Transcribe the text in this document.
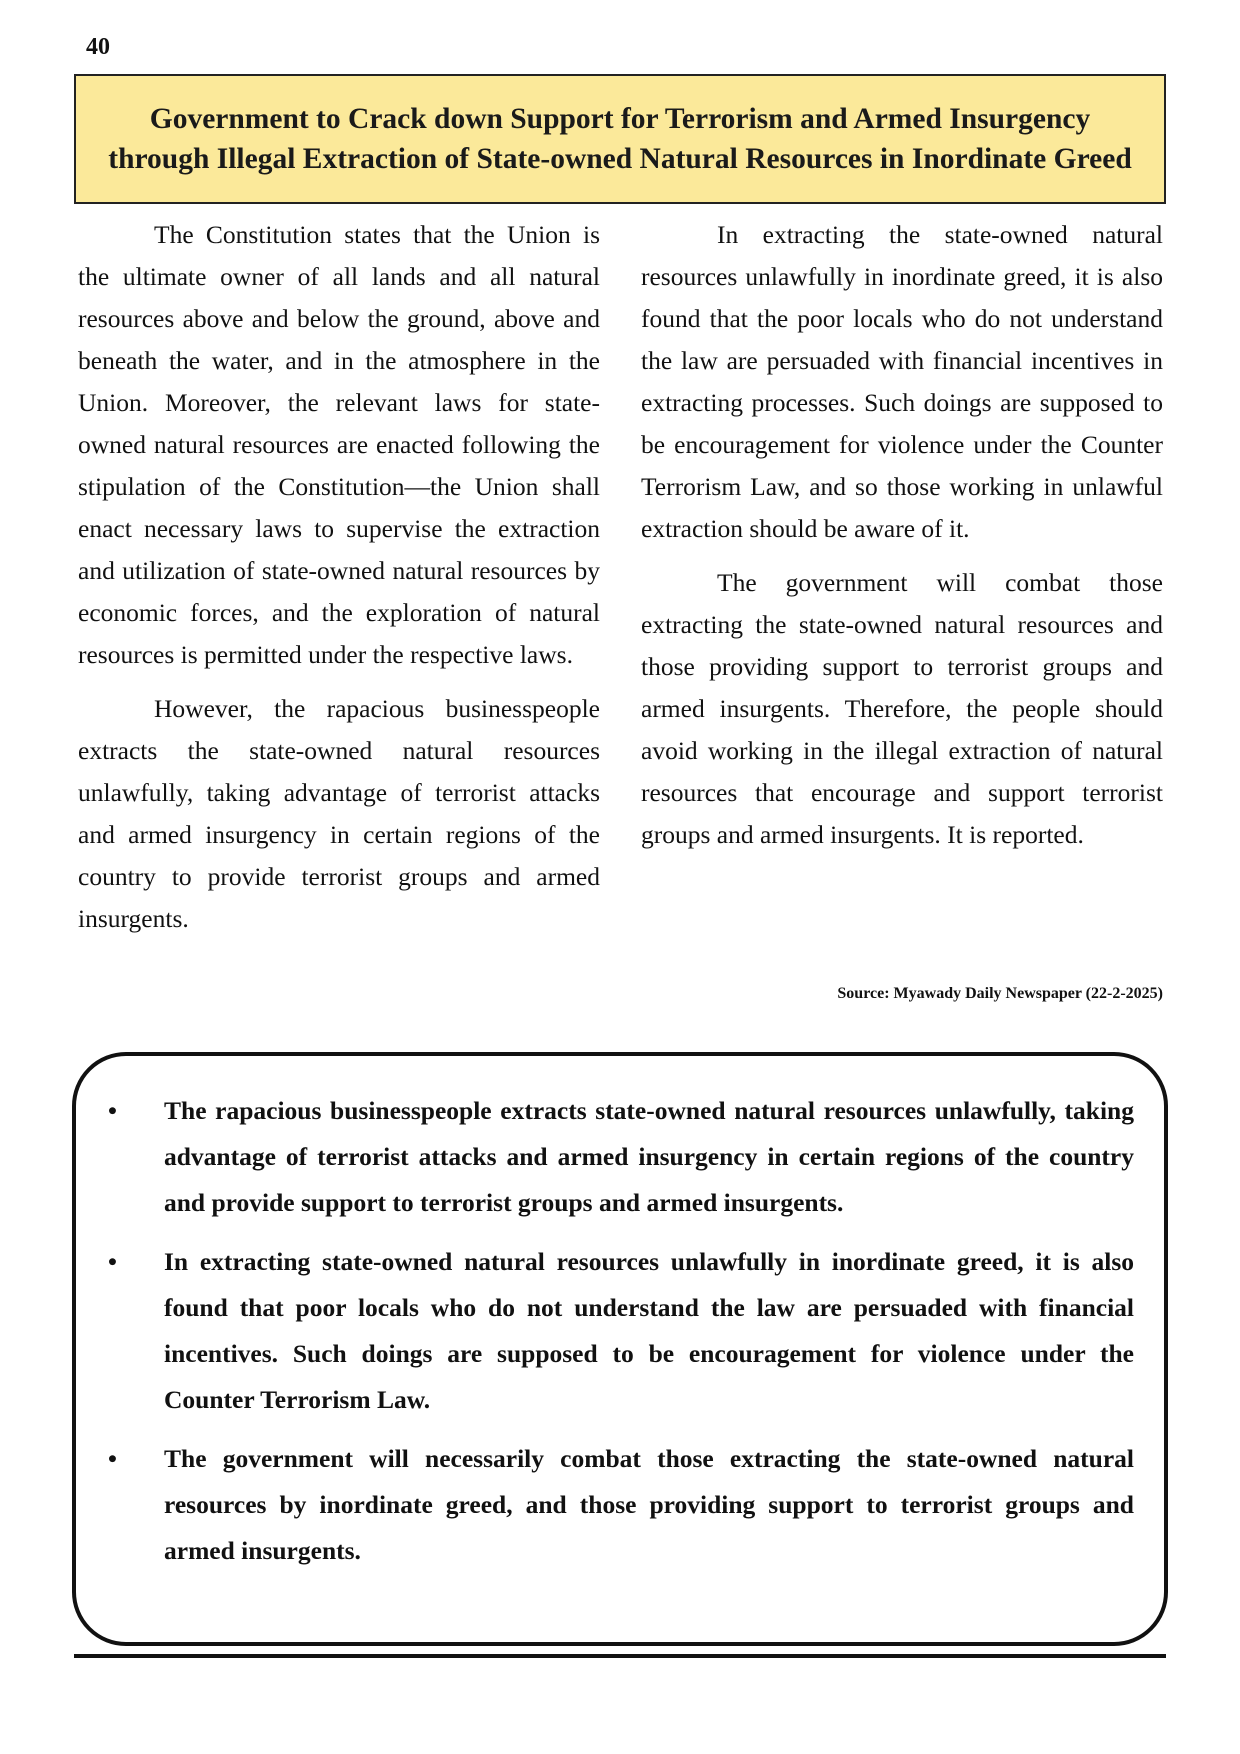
40
Government to Crack down Support for Terrorism and Armed Insurgency through Illegal Extraction of State-owned Natural Resources in Inordinate Greed

The Constitution states that the Union is the ultimate owner of all lands and all natural resources above and below the ground, above and beneath the water, and in the atmosphere in the Union. Moreover, the relevant laws for state-owned natural resources are enacted following the stipulation of the Constitution—the Union shall enact necessary laws to supervise the extraction and utilization of state-owned natural resources by economic forces, and the exploration of natural resources is permitted under the respective laws.

However, the rapacious businesspeople extracts the state-owned natural resources unlawfully, taking advantage of terrorist attacks and armed insurgency in certain regions of the country to provide terrorist groups and armed insurgents.

In extracting the state-owned natural resources unlawfully in inordinate greed, it is also found that the poor locals who do not understand the law are persuaded with financial incentives in extracting processes. Such doings are supposed to be encouragement for violence under the Counter Terrorism Law, and so those working in unlawful extraction should be aware of it.

The government will combat those extracting the state-owned natural resources and those providing support to terrorist groups and armed insurgents. Therefore, the people should avoid working in the illegal extraction of natural resources that encourage and support terrorist groups and armed insurgents. It is reported.

Source: Myawady Daily Newspaper (22-2-2025)
•	The rapacious businesspeople extracts state-owned natural resources unlawfully, taking advantage of terrorist attacks and armed insurgency in certain regions of the country and provide support to terrorist groups and armed insurgents.
•	In extracting state-owned natural resources unlawfully in inordinate greed, it is also found that poor locals who do not understand the law are persuaded with financial incentives. Such doings are supposed to be encouragement for violence under the Counter Terrorism Law.
•	The government will necessarily combat those extracting the state-owned natural resources by inordinate greed, and those providing support to terrorist groups and armed insurgents.
